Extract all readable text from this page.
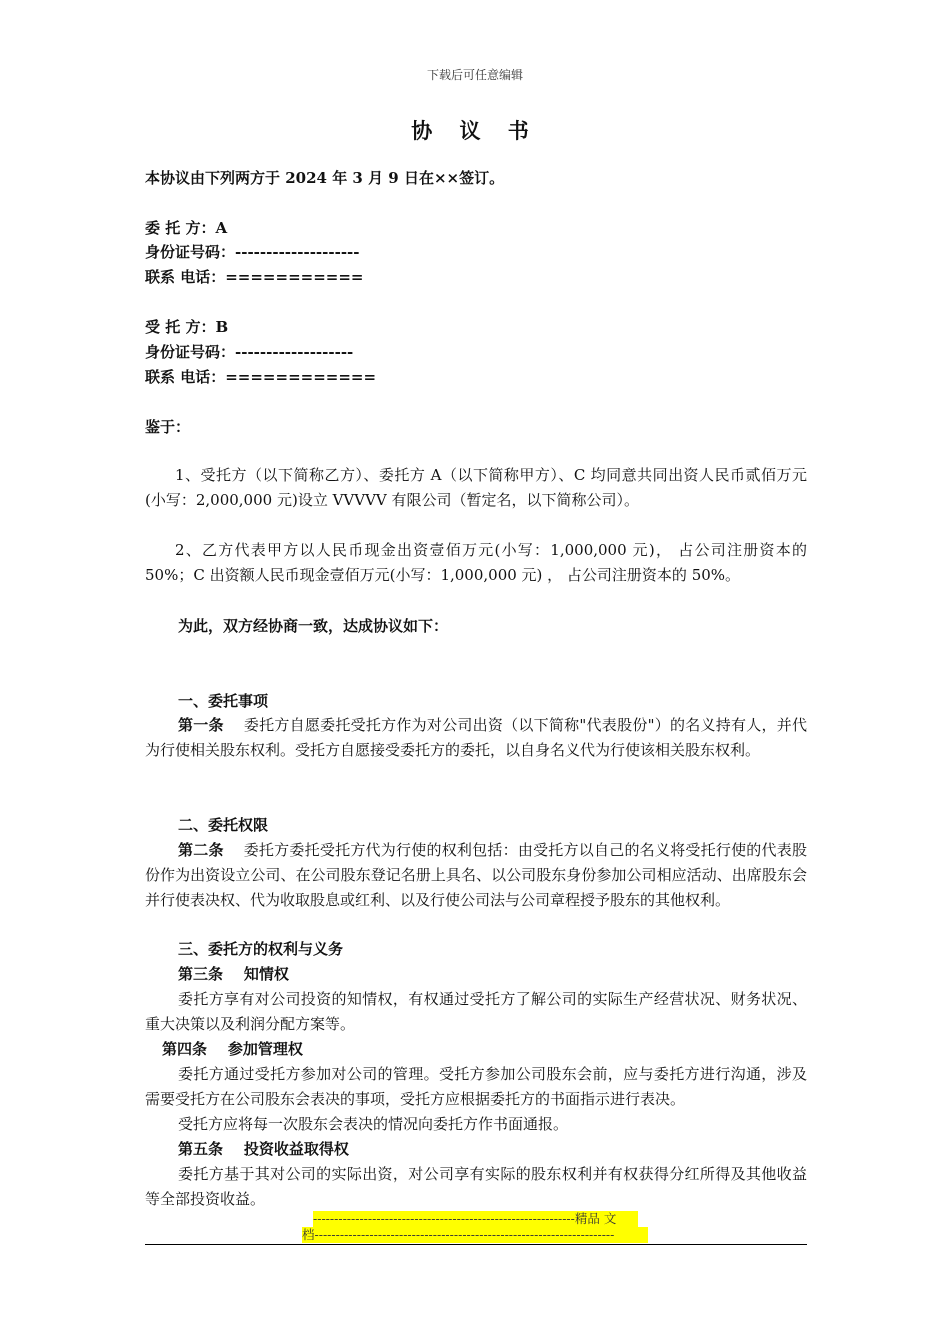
下载后可任意编辑
协 议 书
本协议由下列两方于 2024 年 3 月 9 日在××签订。
委 托 方：A
身份证号码：--------------------
联系 电话：===========
受 托 方：B
身份证号码：-------------------
联系 电话：============
鉴于：
1、受托方（以下简称乙方）、委托方 A（以下简称甲方）、C 均同意共同出资人民币贰佰万元(小写：2,000,000 元)设立 VVVVV 有限公司（暂定名，以下简称公司）。
2、乙方代表甲方以人民币现金出资壹佰万元(小写：1,000,000 元)， 占公司注册资本的 50%；C 出资额人民币现金壹佰万元(小写：1,000,000 元) ， 占公司注册资本的 50%。
为此，双方经协商一致，达成协议如下：
一、委托事项
第一条 委托方自愿委托受托方作为对公司出资（以下简称"代表股份"）的名义持有人，并代为行使相关股东权利。受托方自愿接受委托方的委托，以自身名义代为行使该相关股东权利。
二、委托权限
第二条 委托方委托受托方代为行使的权利包括：由受托方以自己的名义将受托行使的代表股份作为出资设立公司、在公司股东登记名册上具名、以公司股东身份参加公司相应活动、出席股东会并行使表决权、代为收取股息或红利、以及行使公司法与公司章程授予股东的其他权利。
三、委托方的权利与义务
第三条    知情权
委托方享有对公司投资的知情权，有权通过受托方了解公司的实际生产经营状况、财务状况、重大决策以及利润分配方案等。
第四条    参加管理权
委托方通过受托方参加对公司的管理。受托方参加公司股东会前，应与委托方进行沟通，涉及需要受托方在公司股东会表决的事项，受托方应根据委托方的书面指示进行表决。
受托方应将每一次股东会表决的情况向委托方作书面通报。
第五条    投资收益取得权
委托方基于其对公司的实际出资，对公司享有实际的股东权利并有权获得分红所得及其他收益等全部投资收益。
--------------------------------------------------------------精品 文
档-----------------------------------------------------------------------
